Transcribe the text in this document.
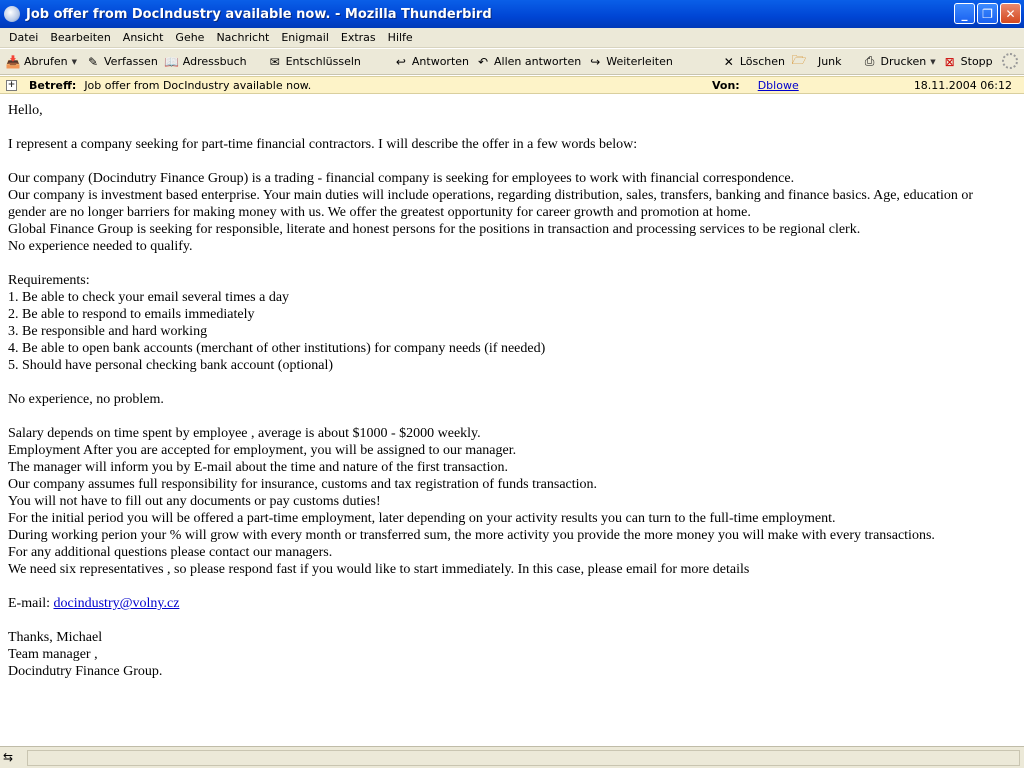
Job offer from DocIndustry available now. - Mozilla Thunderbird	_ ❐ ✕
Datei	Bearbeiten	Ansicht	Gehe	Nachricht	Enigmail	Extras	Hilfe
📥 Abrufen ▼ ✎ Verfassen 📖 Adressbuch ✉ Entschlüsseln	↩ Antworten ↶ Allen antworten ↪ Weiterleiten	✕ Löschen 🗁 Junk ⎙ Drucken ▼ ⊠ Stopp
+ Betreff: Job offer from DocIndustry available now.	Von: Dblowe	18.11.2004 06:12

Hello,

I represent a company seeking for part-time financial contractors. I will describe the offer in a few words below:

Our company (Docindutry Finance Group) is a trading - financial company is seeking for employees to work with financial correspondence.

Our company is investment based enterprise. Your main duties will include operations, regarding distribution, sales, transfers, banking and finance basics. Age, education or

gender are no longer barriers for making money with us. We offer the greatest opportunity for career growth and promotion at home.

Global Finance Group is seeking for responsible, literate and honest persons for the positions in transaction and processing services to be regional clerk.

No experience needed to qualify.

Requirements:

1. Be able to check your email several times a day

2. Be able to respond to emails immediately

3. Be responsible and hard working

4. Be able to open bank accounts (merchant of other institutions) for company needs (if needed)

5. Should have personal checking bank account (optional)

No experience, no problem.

Salary depends on time spent by employee , average is about $1000 - $2000 weekly.

Employment After you are accepted for employment, you will be assigned to our manager.

The manager will inform you by E-mail about the time and nature of the first transaction.

Our company assumes full responsibility for insurance, customs and tax registration of funds transaction.

You will not have to fill out any documents or pay customs duties!

For the initial period you will be offered a part-time employment, later depending on your activity results you can turn to the full-time employment.

During working perion your % will grow with every month or transferred sum, the more activity you provide the more money you will make with every transactions.

For any additional questions please contact our managers.

We need six representatives , so please respond fast if you would like to start immediately. In this case, please email for more details

E-mail: docindustry@volny.cz

Thanks, Michael

Team manager ,

Docindutry Finance Group.

⇆
